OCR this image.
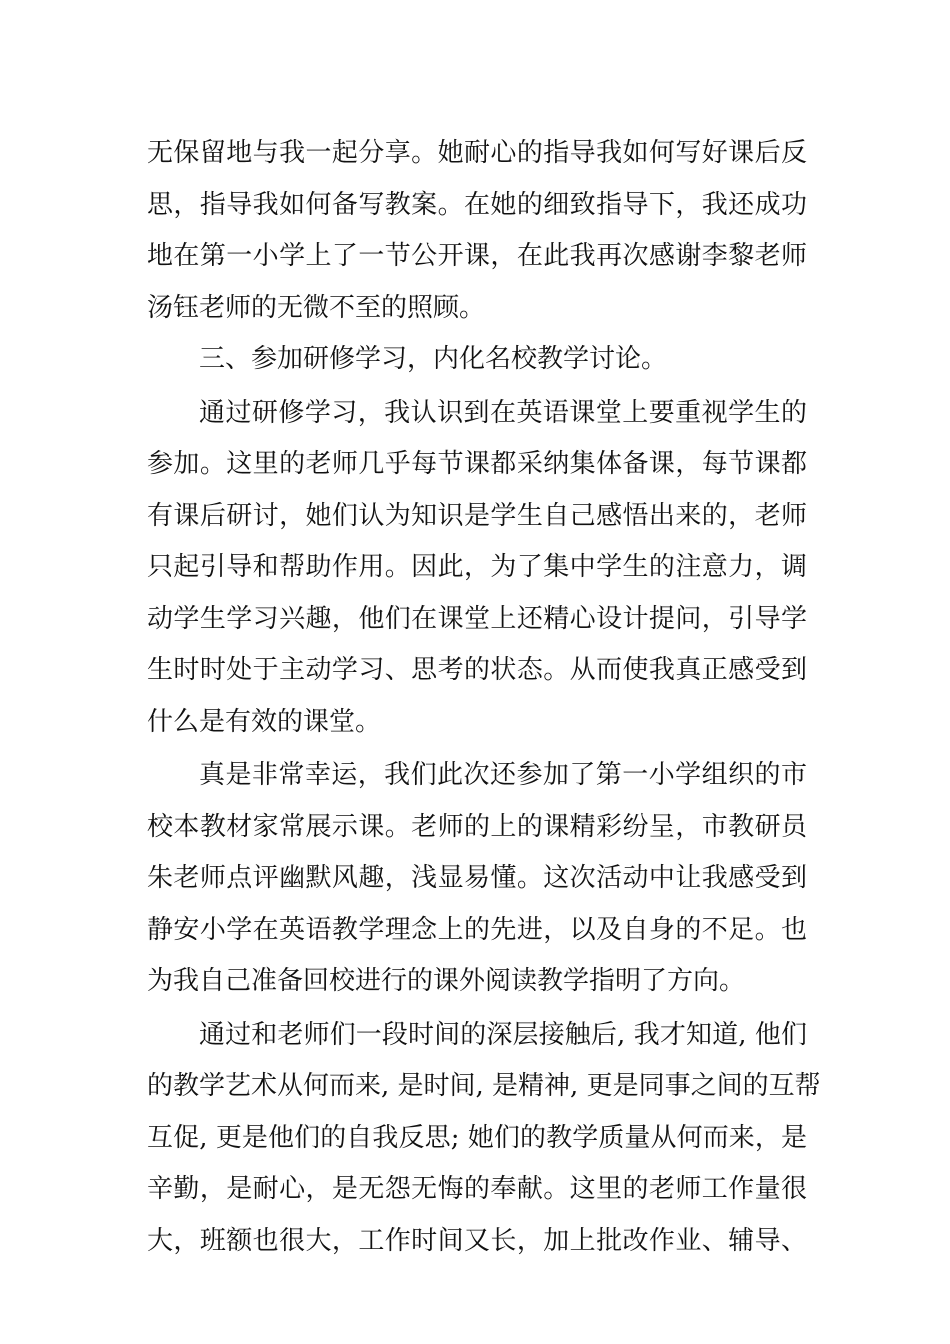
无保留地与我一起分享。她耐心的指导我如何写好课后反
思，指导我如何备写教案。在她的细致指导下，我还成功
地在第一小学上了一节公开课，在此我再次感谢李黎老师
汤钰老师的无微不至的照顾。
三、参加研修学习，内化名校教学讨论。
通过研修学习，我认识到在英语课堂上要重视学生的
参加。这里的老师几乎每节课都采纳集体备课，每节课都
有课后研讨，她们认为知识是学生自己感悟出来的，老师
只起引导和帮助作用。因此，为了集中学生的注意力，调
动学生学习兴趣，他们在课堂上还精心设计提问，引导学
生时时处于主动学习、思考的状态。从而使我真正感受到
什么是有效的课堂。
真是非常幸运，我们此次还参加了第一小学组织的市
校本教材家常展示课。老师的上的课精彩纷呈，市教研员
朱老师点评幽默风趣，浅显易懂。这次活动中让我感受到
静安小学在英语教学理念上的先进，以及自身的不足。也
为我自己准备回校进行的课外阅读教学指明了方向。
通过和老师们一段时间的深层接触后, 我才知道, 他们
的教学艺术从何而来, 是时间, 是精神, 更是同事之间的互帮
互促, 更是他们的自我反思; 她们的教学质量从何而来，是
辛勤，是耐心，是无怨无悔的奉献。这里的老师工作量很
大，班额也很大，工作时间又长，加上批改作业、辅导、
